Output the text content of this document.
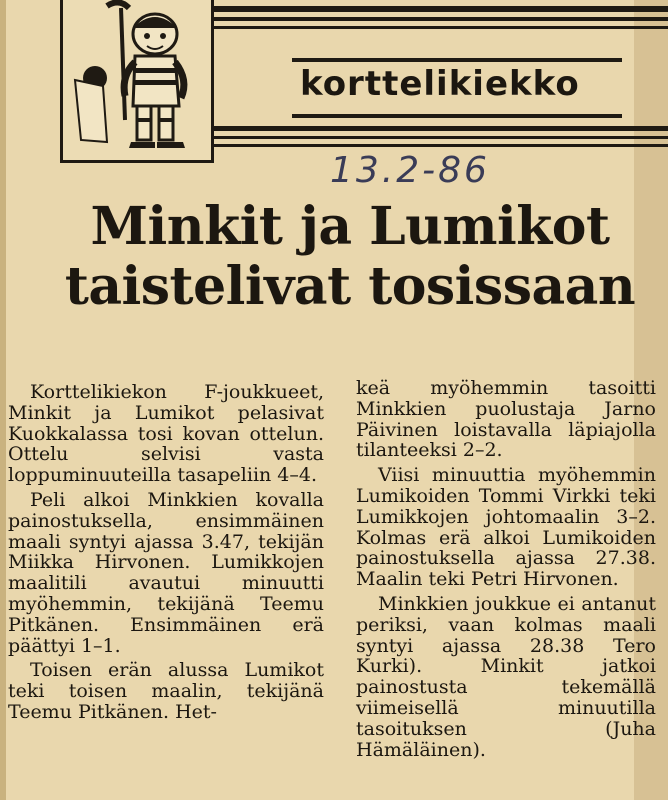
korttelikiekko
13.2-86
Minkit ja Lumikot
taistelivat tosissaan

Korttelikiekon F-joukkueet, Minkit ja Lumikot pelasivat Kuokkalassa tosi kovan ottelun. Ottelu selvisi vasta loppuminuuteilla tasapeliin 4–4.

Peli alkoi Minkkien kovalla painostuksella, ensimmäinen maali syntyi ajassa 3.47, tekijän Miikka Hirvonen. Lumikkojen maalitili avautui minuutti myöhemmin, tekijänä Teemu Pitkänen. Ensimmäinen erä päättyi 1–1.

Toisen erän alussa Lumikot teki toisen maalin, tekijänä Teemu Pitkänen. Het-

keä myöhemmin tasoitti Minkkien puolustaja Jarno Päivinen loistavalla läpiajolla tilanteeksi 2–2.

Viisi minuuttia myöhemmin Lumikoiden Tommi Virkki teki Lumikkojen johtomaalin 3–2. Kolmas erä alkoi Lumikoiden painostuksella ajassa 27.38. Maalin teki Petri Hirvonen.

Minkkien joukkue ei antanut periksi, vaan kolmas maali syntyi ajassa 28.38 Tero Kurki). Minkit jatkoi painostusta tekemällä viimeisellä minuutilla tasoituksen (Juha Hämäläinen).
